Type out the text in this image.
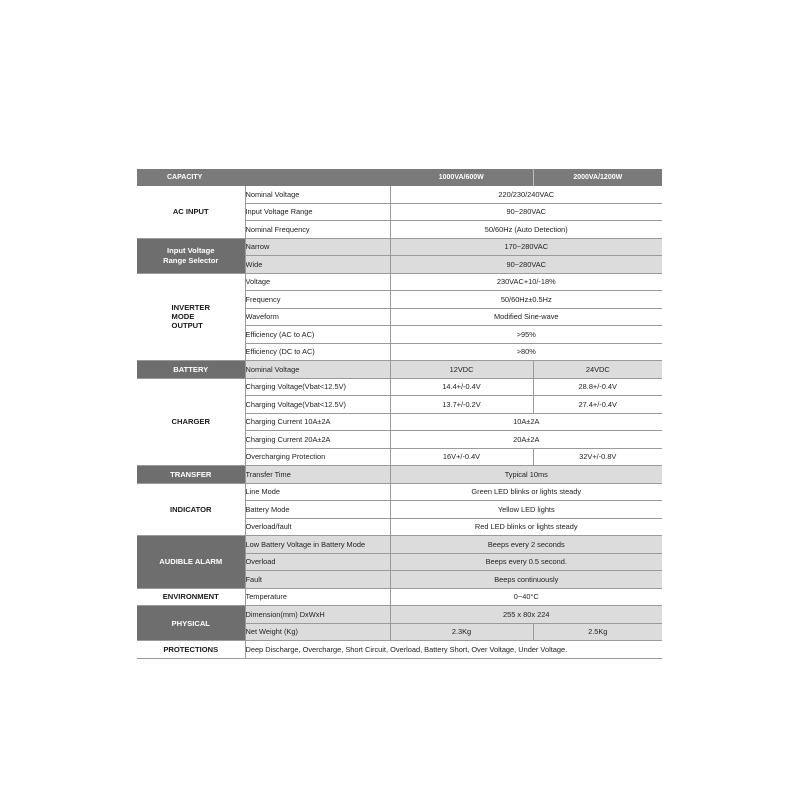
CAPACITY		1000VA/600W	2000VA/1200W
AC INPUT	Nominal Voltage	220/230/240VAC	
	Input Voltage Range	90~280VAC	
	Nominal Frequency	50/60Hz (Auto Detection)	
Input Voltage
Range Selector	Narrow	170~280VAC	
	Wide	90~280VAC	
INVERTER
MODE
OUTPUT	Voltage	230VAC+10/-18%	
	Frequency	50/60Hz±0.5Hz	
	Waveform	Modified Sine-wave	
	Efficiency (AC to AC)	>95%	
	Efficiency (DC to AC)	>80%	
BATTERY	Nominal Voltage	12VDC	24VDC
CHARGER	Charging Voltage(Vbat<12.5V)	14.4+/-0.4V	28.8+/-0.4V
	Charging Voltage(Vbat<12.5V)	13.7+/-0.2V	27.4+/-0.4V
	Charging Current 10A±2A	10A±2A	
	Charging Current 20A±2A	20A±2A	
	Overcharging Protection	16V+/-0.4V	32V+/-0.8V
TRANSFER	Transfer Time	Typical 10ms	
INDICATOR	Line Mode	Green LED blinks or lights steady	
	Battery Mode	Yellow LED lights	
	Overload/fault	Red LED blinks or lights steady	
AUDIBLE ALARM	Low Battery Voltage in Battery Mode	Beeps every 2 seconds	
	Overload	Beeps every 0.5 second.	
	Fault	Beeps continuously	
ENVIRONMENT	Temperature	0~40°C	
PHYSICAL	Dimension(mm) DxWxH	255 x 80x 224	
	Net Weight (Kg)	2.3Kg	2.5Kg
PROTECTIONS	Deep Discharge, Overcharge, Short Circuit, Overload, Battery Short, Over Voltage, Under Voltage.		
